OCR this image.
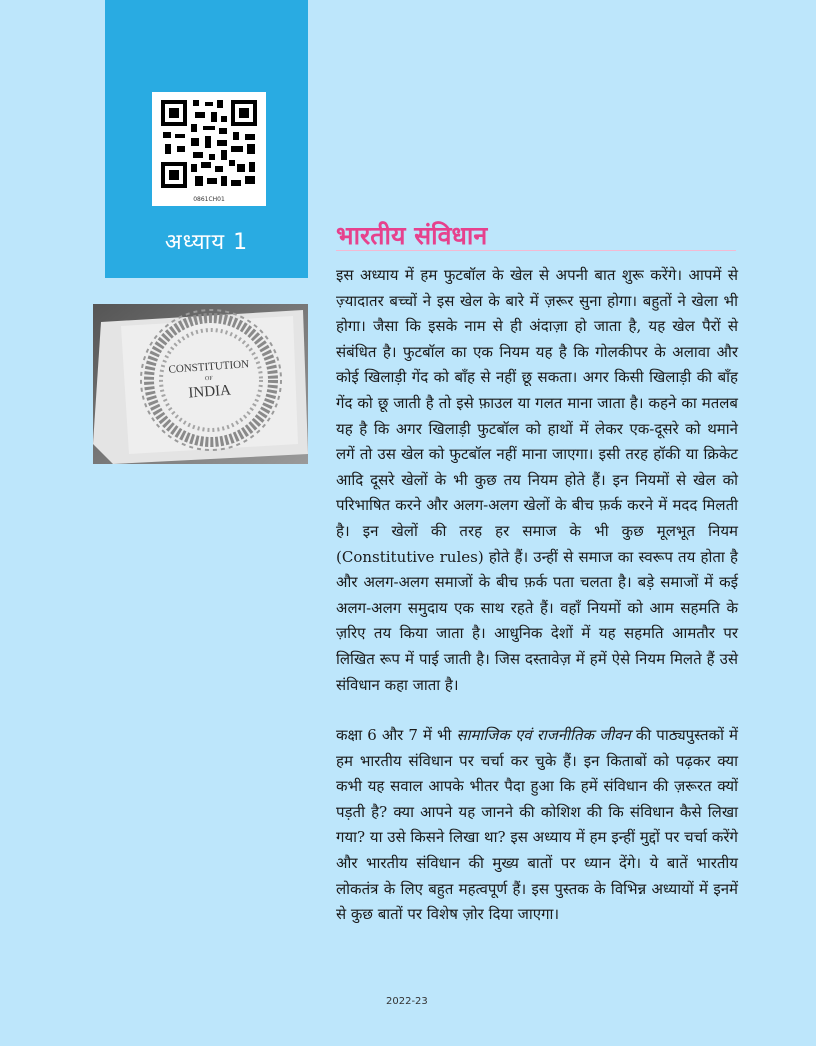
0861CH01
अध्याय 1
CONSTITUTION
OF
INDIA
भारतीय संविधान

इस अध्याय में हम फुटबॉल के खेल से अपनी बात शुरू करेंगे। आपमें से ज़्यादातर बच्चों ने इस खेल के बारे में ज़रूर सुना होगा। बहुतों ने खेला भी होगा। जैसा कि इसके नाम से ही अंदाज़ा हो जाता है, यह खेल पैरों से संबंधित है। फुटबॉल का एक नियम यह है कि गोलकीपर के अलावा और कोई खिलाड़ी गेंद को बाँह से नहीं छू सकता। अगर किसी खिलाड़ी की बाँह गेंद को छू जाती है तो इसे फ़ाउल या गलत माना जाता है। कहने का मतलब यह है कि अगर खिलाड़ी फुटबॉल को हाथों में लेकर एक-दूसरे को थमाने लगें तो उस खेल को फुटबॉल नहीं माना जाएगा। इसी तरह हॉकी या क्रिकेट आदि दूसरे खेलों के भी कुछ तय नियम होते हैं। इन नियमों से खेल को परिभाषित करने और अलग-अलग खेलों के बीच फ़र्क करने में मदद मिलती है। इन खेलों की तरह हर समाज के भी कुछ मूलभूत नियम (Constitutive rules) होते हैं। उन्हीं से समाज का स्वरूप तय होता है और अलग-अलग समाजों के बीच फ़र्क पता चलता है। बड़े समाजों में कई अलग-अलग समुदाय एक साथ रहते हैं। वहाँ नियमों को आम सहमति के ज़रिए तय किया जाता है। आधुनिक देशों में यह सहमति आमतौर पर लिखित रूप में पाई जाती है। जिस दस्तावेज़ में हमें ऐसे नियम मिलते हैं उसे संविधान कहा जाता है।

कक्षा 6 और 7 में भी सामाजिक एवं राजनीतिक जीवन की पाठ्यपुस्तकों में हम भारतीय संविधान पर चर्चा कर चुके हैं। इन किताबों को पढ़कर क्या कभी यह सवाल आपके भीतर पैदा हुआ कि हमें संविधान की ज़रूरत क्यों पड़ती है? क्या आपने यह जानने की कोशिश की कि संविधान कैसे लिखा गया? या उसे किसने लिखा था? इस अध्याय में हम इन्हीं मुद्दों पर चर्चा करेंगे और भारतीय संविधान की मुख्य बातों पर ध्यान देंगे। ये बातें भारतीय लोकतंत्र के लिए बहुत महत्वपूर्ण हैं। इस पुस्तक के विभिन्न अध्यायों में इनमें से कुछ बातों पर विशेष ज़ोर दिया जाएगा।

2022-23
